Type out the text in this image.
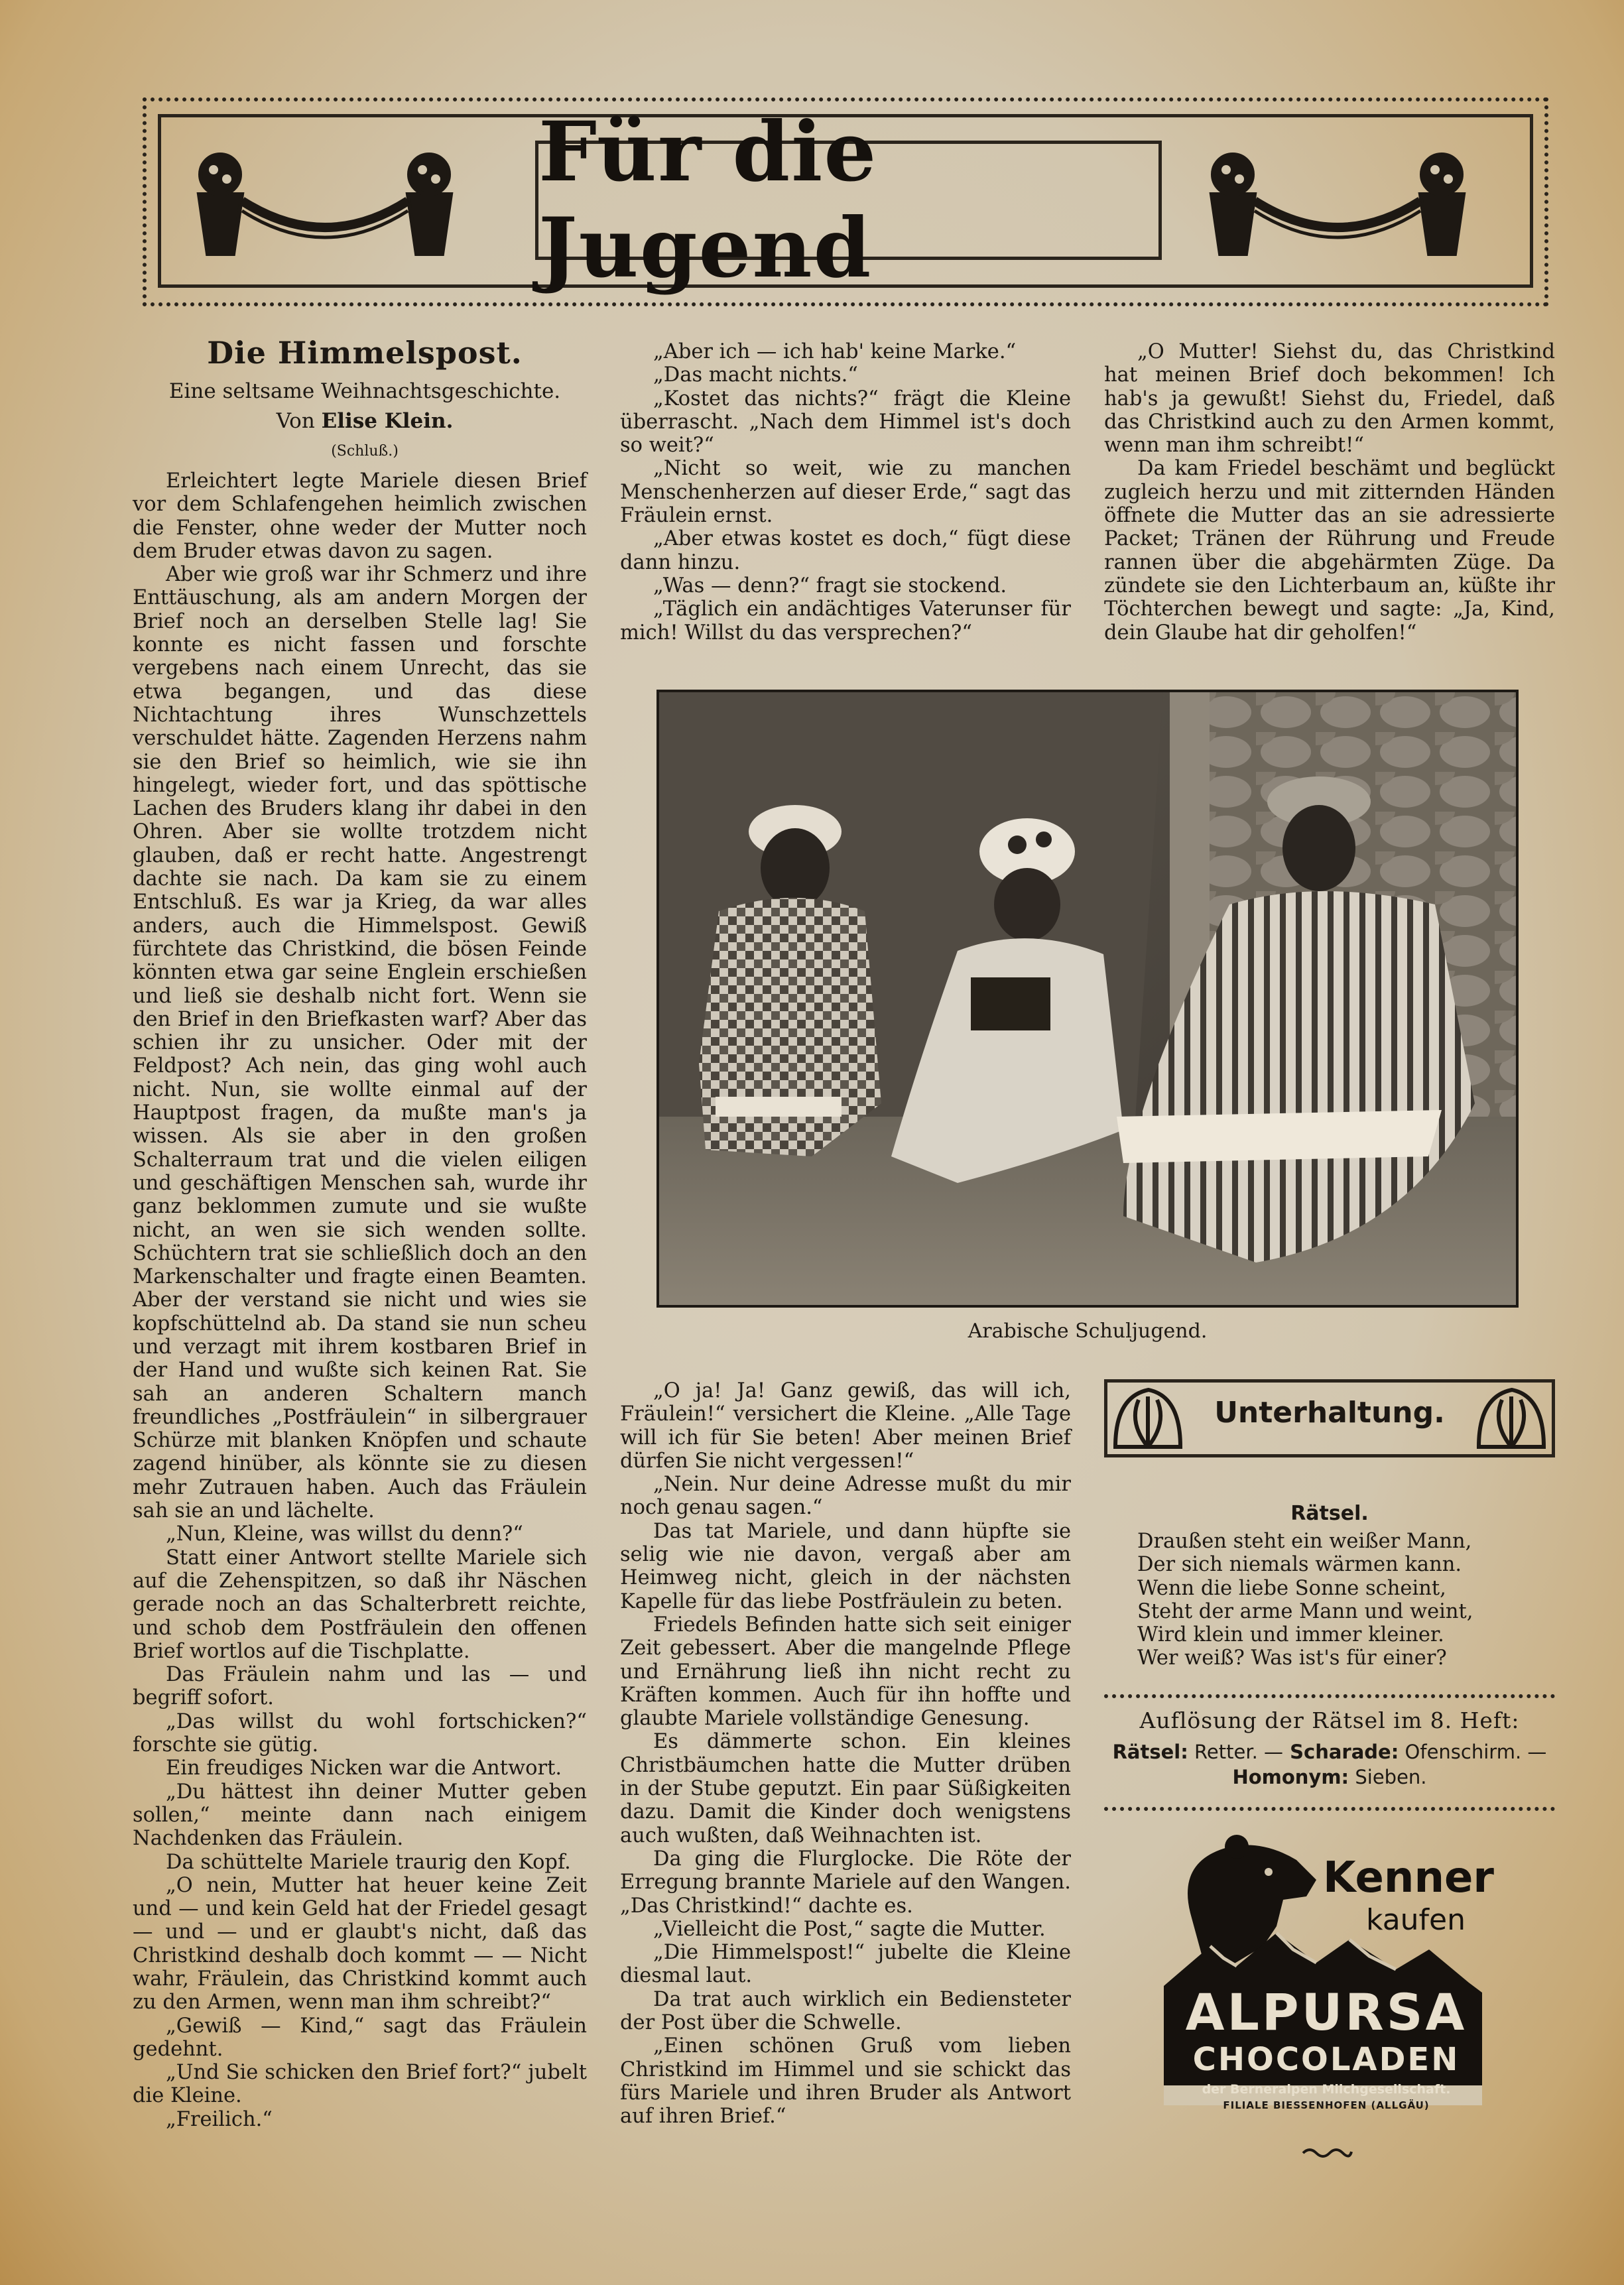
Für die Jugend
Die Himmelspost.
Eine seltsame Weihnachtsgeschichte.
Von Elise Klein.
(Schluß.)

Erleichtert legte Mariele diesen Brief vor dem Schlafengehen heimlich zwischen die Fenster, ohne weder der Mutter noch dem Bruder etwas davon zu sagen.

Aber wie groß war ihr Schmerz und ihre Enttäuschung, als am andern Morgen der Brief noch an derselben Stelle lag! Sie konnte es nicht fassen und forschte vergebens nach einem Unrecht, das sie etwa begangen, und das diese Nichtachtung ihres Wunschzettels verschuldet hätte. Zagenden Herzens nahm sie den Brief so heimlich, wie sie ihn hingelegt, wieder fort, und das spöttische Lachen des Bruders klang ihr dabei in den Ohren. Aber sie wollte trotzdem nicht glauben, daß er recht hatte. Angestrengt dachte sie nach. Da kam sie zu einem Entschluß. Es war ja Krieg, da war alles anders, auch die Himmelspost. Gewiß fürchtete das Christkind, die bösen Feinde könnten etwa gar seine Englein erschießen und ließ sie deshalb nicht fort. Wenn sie den Brief in den Briefkasten warf? Aber das schien ihr zu unsicher. Oder mit der Feldpost? Ach nein, das ging wohl auch nicht. Nun, sie wollte einmal auf der Hauptpost fragen, da mußte man's ja wissen. Als sie aber in den großen Schalterraum trat und die vielen eiligen und geschäftigen Menschen sah, wurde ihr ganz beklommen zumute und sie wußte nicht, an wen sie sich wenden sollte. Schüchtern trat sie schließlich doch an den Markenschalter und fragte einen Beamten. Aber der verstand sie nicht und wies sie kopfschüttelnd ab. Da stand sie nun scheu und verzagt mit ihrem kostbaren Brief in der Hand und wußte sich keinen Rat. Sie sah an anderen Schaltern manch freundliches „Postfräulein“ in silbergrauer Schürze mit blanken Knöpfen und schaute zagend hinüber, als könnte sie zu diesen mehr Zutrauen haben. Auch das Fräulein sah sie an und lächelte.

„Nun, Kleine, was willst du denn?“

Statt einer Antwort stellte Mariele sich auf die Zehenspitzen, so daß ihr Näschen gerade noch an das Schalterbrett reichte, und schob dem Postfräulein den offenen Brief wortlos auf die Tischplatte.

Das Fräulein nahm und las — und begriff sofort.

„Das willst du wohl fortschicken?“ forschte sie gütig.

Ein freudiges Nicken war die Antwort.

„Du hättest ihn deiner Mutter geben sollen,“ meinte dann nach einigem Nachdenken das Fräulein.

Da schüttelte Mariele traurig den Kopf.

„O nein, Mutter hat heuer keine Zeit und — und kein Geld hat der Friedel gesagt — und — und er glaubt's nicht, daß das Christkind deshalb doch kommt — — Nicht wahr, Fräulein, das Christkind kommt auch zu den Armen, wenn man ihm schreibt?“

„Gewiß — Kind,“ sagt das Fräulein gedehnt.

„Und Sie schicken den Brief fort?“ jubelt die Kleine.

„Freilich.“

„Aber ich — ich hab' keine Marke.“

„Das macht nichts.“

„Kostet das nichts?“ frägt die Kleine überrascht. „Nach dem Himmel ist's doch so weit?“

„Nicht so weit, wie zu manchen Menschenherzen auf dieser Erde,“ sagt das Fräulein ernst.

„Aber etwas kostet es doch,“ fügt diese dann hinzu.

„Was — denn?“ fragt sie stockend.

„Täglich ein andächtiges Vaterunser für mich! Willst du das versprechen?“

„O Mutter! Siehst du, das Christkind hat meinen Brief doch bekommen! Ich hab's ja gewußt! Siehst du, Friedel, daß das Christkind auch zu den Armen kommt, wenn man ihm schreibt!“

Da kam Friedel beschämt und beglückt zugleich herzu und mit zitternden Händen öffnete die Mutter das an sie adressierte Packet; Tränen der Rührung und Freude rannen über die abgehärmten Züge. Da zündete sie den Lichterbaum an, küßte ihr Töchterchen bewegt und sagte: „Ja, Kind, dein Glaube hat dir geholfen!“

Arabische Schuljugend.

„O ja! Ja! Ganz gewiß, das will ich, Fräulein!“ versichert die Kleine. „Alle Tage will ich für Sie beten! Aber meinen Brief dürfen Sie nicht vergessen!“

„Nein. Nur deine Adresse mußt du mir noch genau sagen.“

Das tat Mariele, und dann hüpfte sie selig wie nie davon, vergaß aber am Heimweg nicht, gleich in der nächsten Kapelle für das liebe Postfräulein zu beten.

Friedels Befinden hatte sich seit einiger Zeit gebessert. Aber die mangelnde Pflege und Ernährung ließ ihn nicht recht zu Kräften kommen. Auch für ihn hoffte und glaubte Mariele vollständige Genesung.

Es dämmerte schon. Ein kleines Christbäumchen hatte die Mutter drüben in der Stube geputzt. Ein paar Süßigkeiten dazu. Damit die Kinder doch wenigstens auch wußten, daß Weihnachten ist.

Da ging die Flurglocke. Die Röte der Erregung brannte Mariele auf den Wangen. „Das Christkind!“ dachte es.

„Vielleicht die Post,“ sagte die Mutter.

„Die Himmelspost!“ jubelte die Kleine diesmal laut.

Da trat auch wirklich ein Bediensteter der Post über die Schwelle.

„Einen schönen Gruß vom lieben Christkind im Himmel und sie schickt das fürs Mariele und ihren Bruder als Antwort auf ihren Brief.“

Unterhaltung.
Rätsel.
Draußen steht ein weißer Mann,
Der sich niemals wärmen kann.
Wenn die liebe Sonne scheint,
Steht der arme Mann und weint,
Wird klein und immer kleiner.
Wer weiß? Was ist's für einer?
Auflösung der Rätsel im 8. Heft:
Rätsel: Retter. — Scharade: Ofenschirm. —
Homonym: Sieben.
Kenner
kaufen
ALPURSA
CHOCOLADEN
der Berneralpen Milchgesellschaft.
FILIALE BIESSENHOFEN (ALLGÄU)
